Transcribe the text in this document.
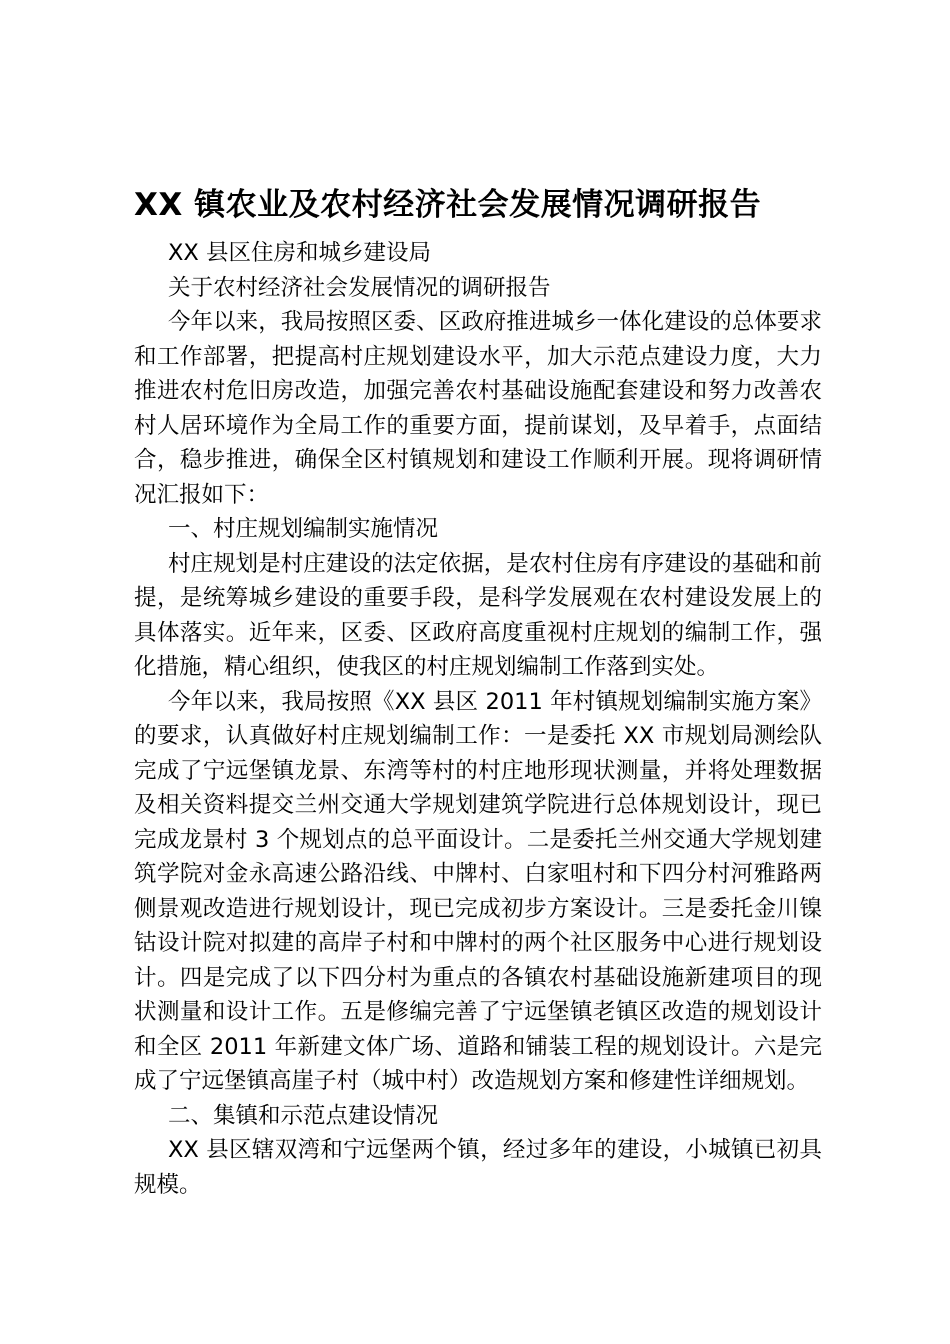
XX 镇农业及农村经济社会发展情况调研报告

XX 县区住房和城乡建设局

关于农村经济社会发展情况的调研报告

今年以来，我局按照区委、区政府推进城乡一体化建设的总体要求和工作部署，把提高村庄规划建设水平，加大示范点建设力度，大力推进农村危旧房改造，加强完善农村基础设施配套建设和努力改善农村人居环境作为全局工作的重要方面，提前谋划，及早着手，点面结合，稳步推进，确保全区村镇规划和建设工作顺利开展。现将调研情况汇报如下：

一、村庄规划编制实施情况

村庄规划是村庄建设的法定依据，是农村住房有序建设的基础和前提，是统筹城乡建设的重要手段，是科学发展观在农村建设发展上的具体落实。近年来，区委、区政府高度重视村庄规划的编制工作，强化措施，精心组织，使我区的村庄规划编制工作落到实处。

今年以来，我局按照《XX 县区 2011 年村镇规划编制实施方案》的要求，认真做好村庄规划编制工作：一是委托 XX 市规划局测绘队完成了宁远堡镇龙景、东湾等村的村庄地形现状测量，并将处理数据及相关资料提交兰州交通大学规划建筑学院进行总体规划设计，现已完成龙景村 3 个规划点的总平面设计。二是委托兰州交通大学规划建筑学院对金永高速公路沿线、中牌村、白家咀村和下四分村河雅路两侧景观改造进行规划设计，现已完成初步方案设计。三是委托金川镍钴设计院对拟建的高岸子村和中牌村的两个社区服务中心进行规划设计。四是完成了以下四分村为重点的各镇农村基础设施新建项目的现状测量和设计工作。五是修编完善了宁远堡镇老镇区改造的规划设计和全区 2011 年新建文体广场、道路和铺装工程的规划设计。六是完成了宁远堡镇高崖子村（城中村）改造规划方案和修建性详细规划。

二、集镇和示范点建设情况

XX 县区辖双湾和宁远堡两个镇，经过多年的建设，小城镇已初具规模。
